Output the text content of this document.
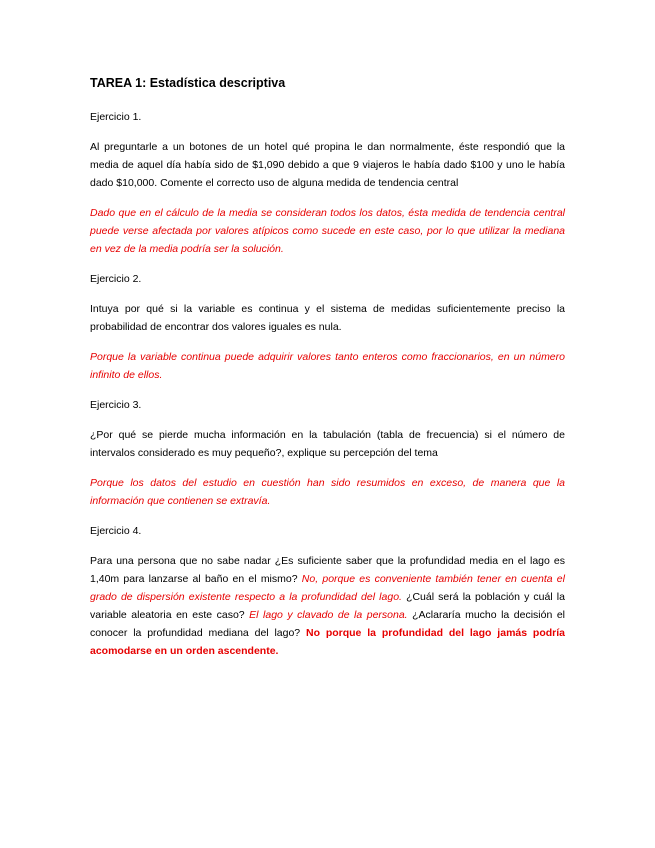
TAREA 1: Estadística descriptiva
Ejercicio 1.
Al preguntarle a un botones de un hotel qué propina le dan normalmente, éste respondió que la media de aquel día había sido de $1,090 debido a que 9 viajeros le había dado $100 y uno le había dado $10,000. Comente el correcto uso de alguna medida de tendencia central
Dado que en el cálculo de la media se consideran todos los datos, ésta medida de tendencia central puede verse afectada por valores atípicos como sucede en este caso, por lo que utilizar la mediana en vez de la media podría ser la solución.
Ejercicio 2.
Intuya por qué si la variable es continua y el sistema de medidas suficientemente preciso la probabilidad de encontrar dos valores iguales es nula.
Porque la variable continua puede adquirir valores tanto enteros como fraccionarios, en un número infinito de ellos.
Ejercicio 3.
¿Por qué se pierde mucha información en la tabulación (tabla de frecuencia) si el número de intervalos considerado es muy pequeño?, explique su percepción del tema
Porque los datos del estudio en cuestión han sido resumidos en exceso, de manera que la información que contienen se extravía.
Ejercicio 4.
Para una persona que no sabe nadar ¿Es suficiente saber que la profundidad media en el lago es 1,40m para lanzarse al baño en el mismo? No, porque es conveniente también tener en cuenta el grado de dispersión existente respecto a la profundidad del lago. ¿Cuál será la población y cuál la variable aleatoria en este caso? El lago y clavado de la persona. ¿Aclararía mucho la decisión el conocer la profundidad mediana del lago? No porque la profundidad del lago jamás podría acomodarse en un orden ascendente.
